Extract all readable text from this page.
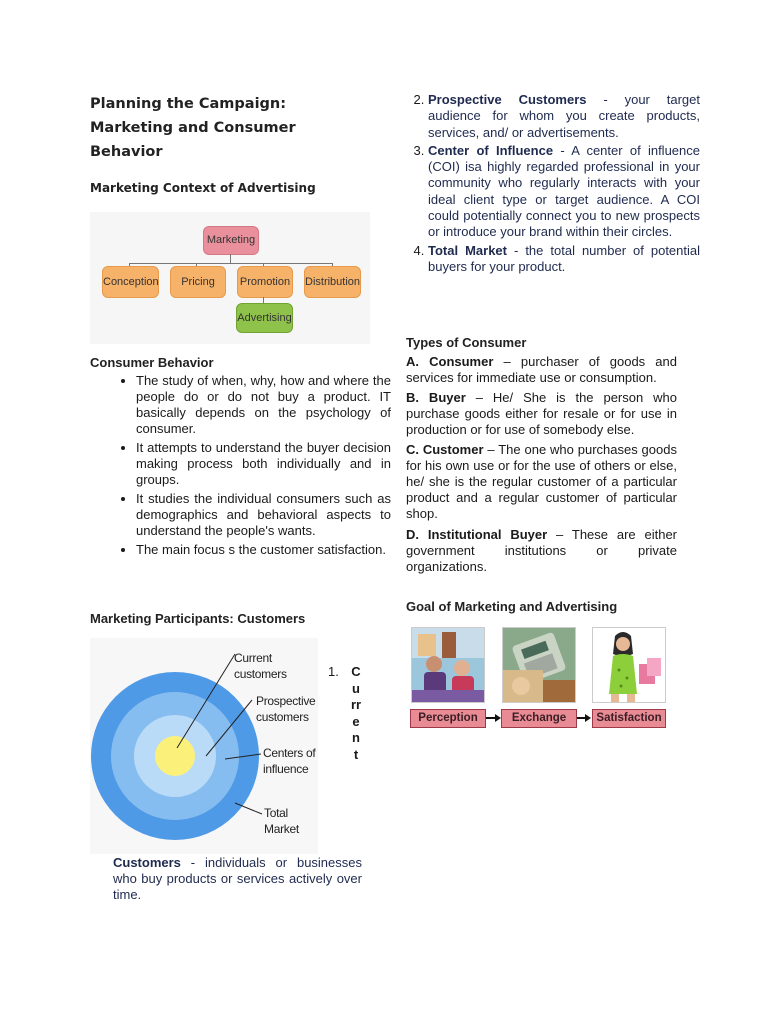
Planning the Campaign: Marketing and Consumer Behavior

Marketing Context of Advertising

Marketing
Conception	Pricing	Promotion Distribution
Advertising

Consumer Behavior

• The study of when, why, how and where the people do or do not buy a product. IT basically depends on the psychology of consumer.
• It attempts to understand the buyer decision making process both individually and in groups.
• It studies the individual consumers such as demographics and behavioral aspects to understand the people's wants.
• The main focus s the customer satisfaction.

Marketing Participants: Customers

Current customers
Prospective customers
Centers of influence
Total Market
1. C
u
rr
e
n
t

Customers - individuals or businesses who buy products or services actively over time.

2. Prospective Customers - your target audience for whom you create products, services, and/ or advertisements.
3. Center of Influence - A center of influence (COI) isa highly regarded professional in your community who regularly interacts with your ideal client type or target audience. A COI could potentially connect you to new prospects or introduce your brand within their circles.
4. Total Market - the total number of potential buyers for your product.

Types of Consumer

A. Consumer – purchaser of goods and services for immediate use or consumption.

B. Buyer – He/ She is the person who purchase goods either for resale or for use in production or for use of somebody else.

C. Customer – The one who purchases goods for his own use or for the use of others or else, he/ she is the regular customer of a particular product and a regular customer of particular shop.

D. Institutional Buyer – These are either government institutions or private organizations.

Goal of Marketing and Advertising

Perception	Exchange	Satisfaction
